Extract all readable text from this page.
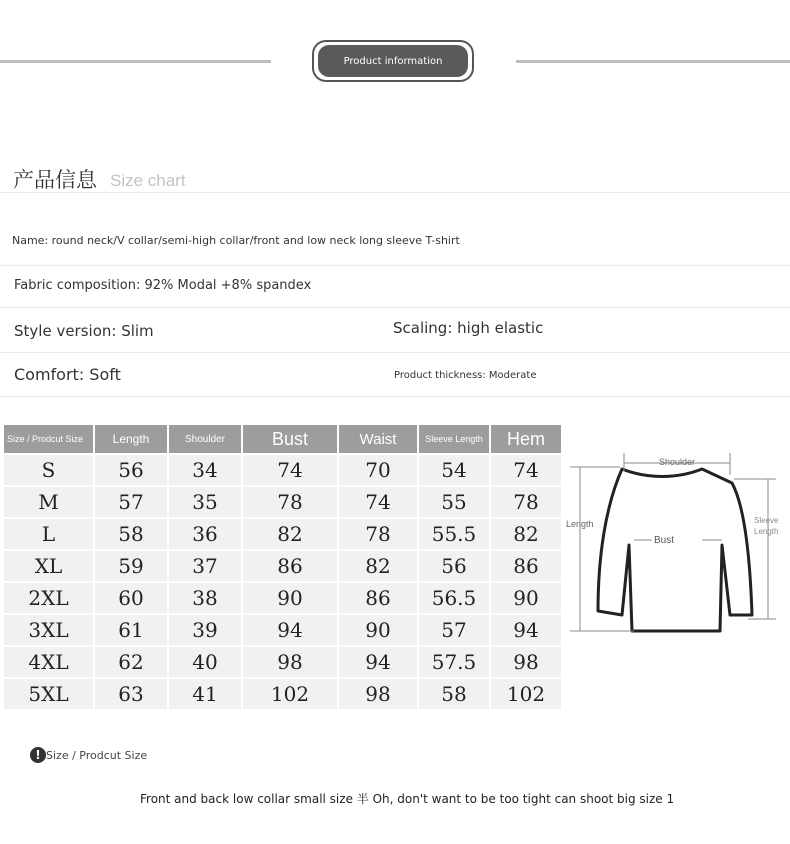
Product information
产品信息 Size chart
Name: round neck/V collar/semi-high collar/front and low neck long sleeve T-shirt
Fabric composition: 92% Modal +8% spandex
Style version: Slim	Scaling: high elastic
Comfort: Soft	Product thickness: Moderate
Size / Prodcut Size	Length	Shoulder	Bust	Waist	Sleeve Length	Hem
S	56	34	74	70	54	74
M	57	35	78	74	55	78
L	58	36	82	78	55.5	82
XL	59	37	86	82	56	86
2XL	60	38	90	86	56.5	90
3XL	61	39	94	90	57	94
4XL	62	40	98	94	57.5	98
5XL	63	41	102	98	58	102
Shoulder
Length
Bust
Sleeve
Length
! Size / Prodcut Size
Front and back low collar small size 半 Oh, don't want to be too tight can shoot big size 1
